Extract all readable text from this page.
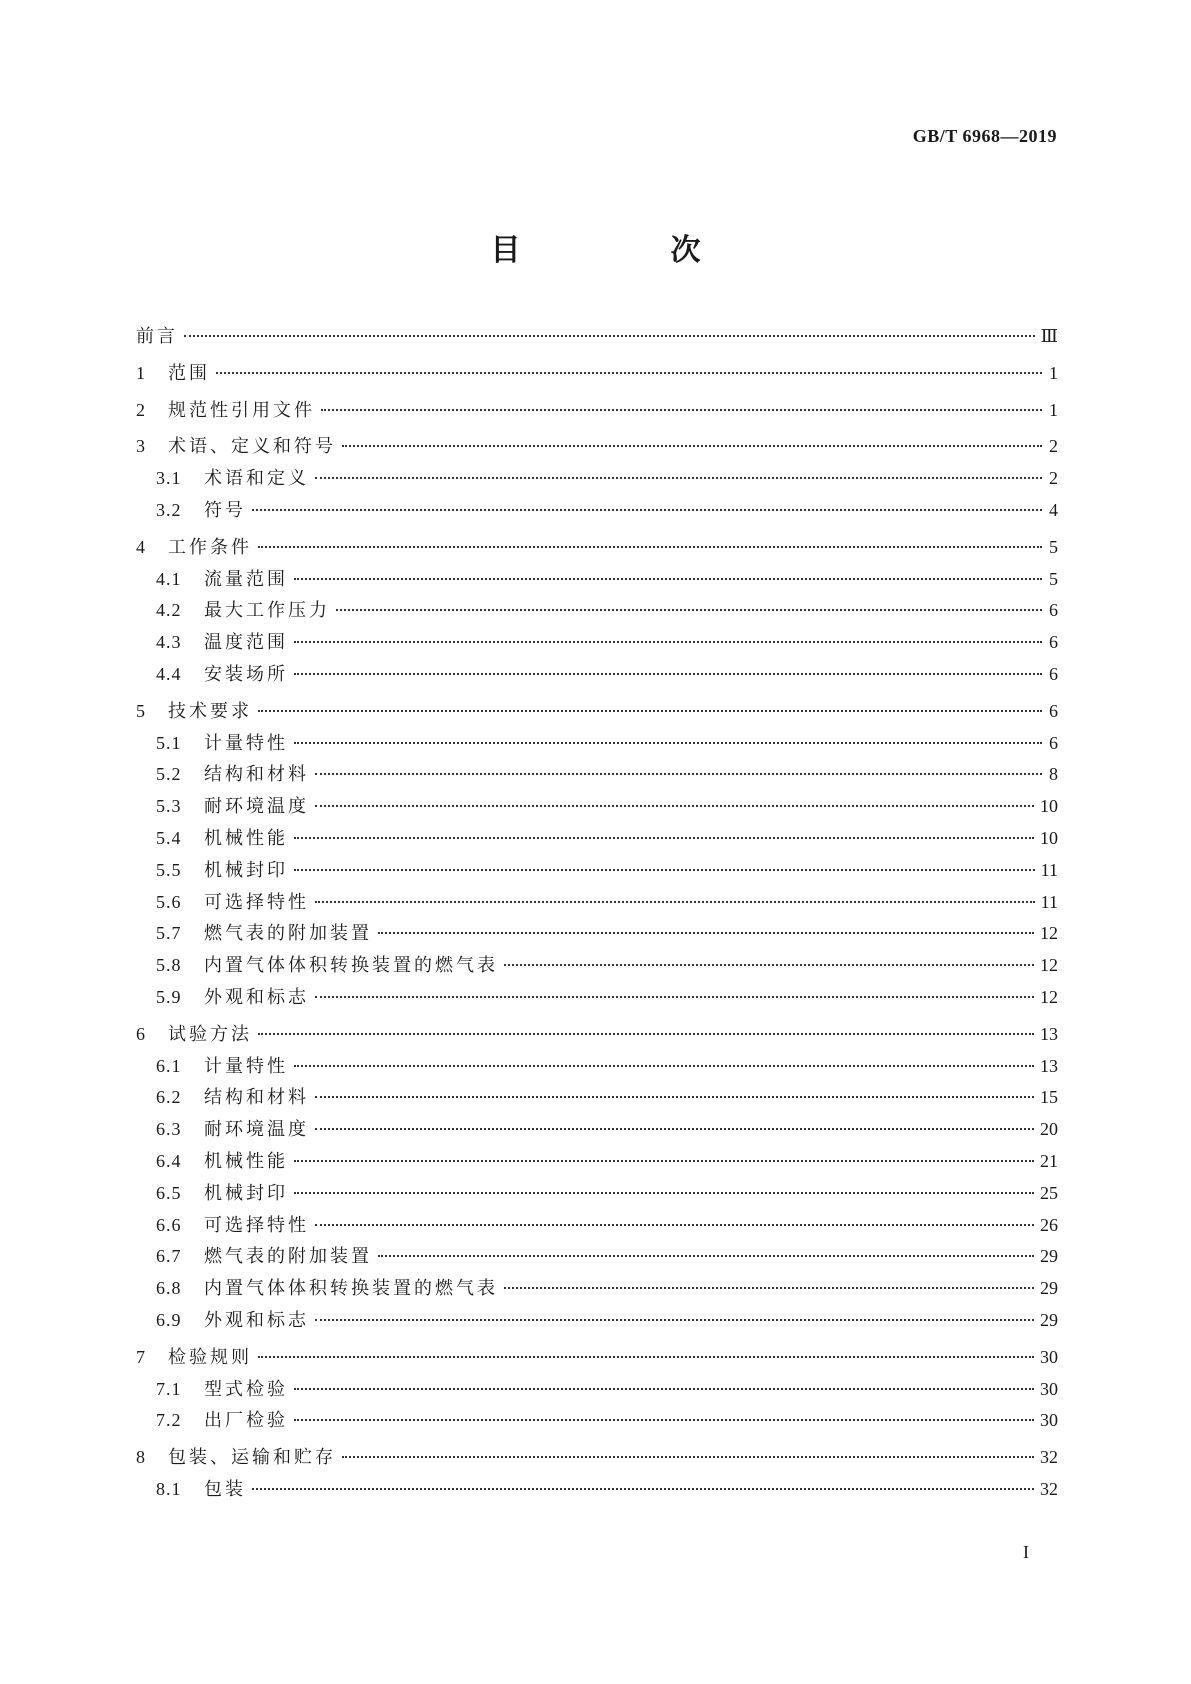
GB/T 6968—2019
目　次
前言	Ⅲ
1	范围	1
2	规范性引用文件	1
3	术语、定义和符号	2
3.1	术语和定义	2
3.2	符号	4
4	工作条件	5
4.1	流量范围	5
4.2	最大工作压力	6
4.3	温度范围	6
4.4	安装场所	6
5	技术要求	6
5.1	计量特性	6
5.2	结构和材料	8
5.3	耐环境温度	10
5.4	机械性能	10
5.5	机械封印	11
5.6	可选择特性	11
5.7	燃气表的附加装置	12
5.8	内置气体体积转换装置的燃气表	12
5.9	外观和标志	12
6	试验方法	13
6.1	计量特性	13
6.2	结构和材料	15
6.3	耐环境温度	20
6.4	机械性能	21
6.5	机械封印	25
6.6	可选择特性	26
6.7	燃气表的附加装置	29
6.8	内置气体体积转换装置的燃气表	29
6.9	外观和标志	29
7	检验规则	30
7.1	型式检验	30
7.2	出厂检验	30
8	包装、运输和贮存	32
8.1	包装	32
I
